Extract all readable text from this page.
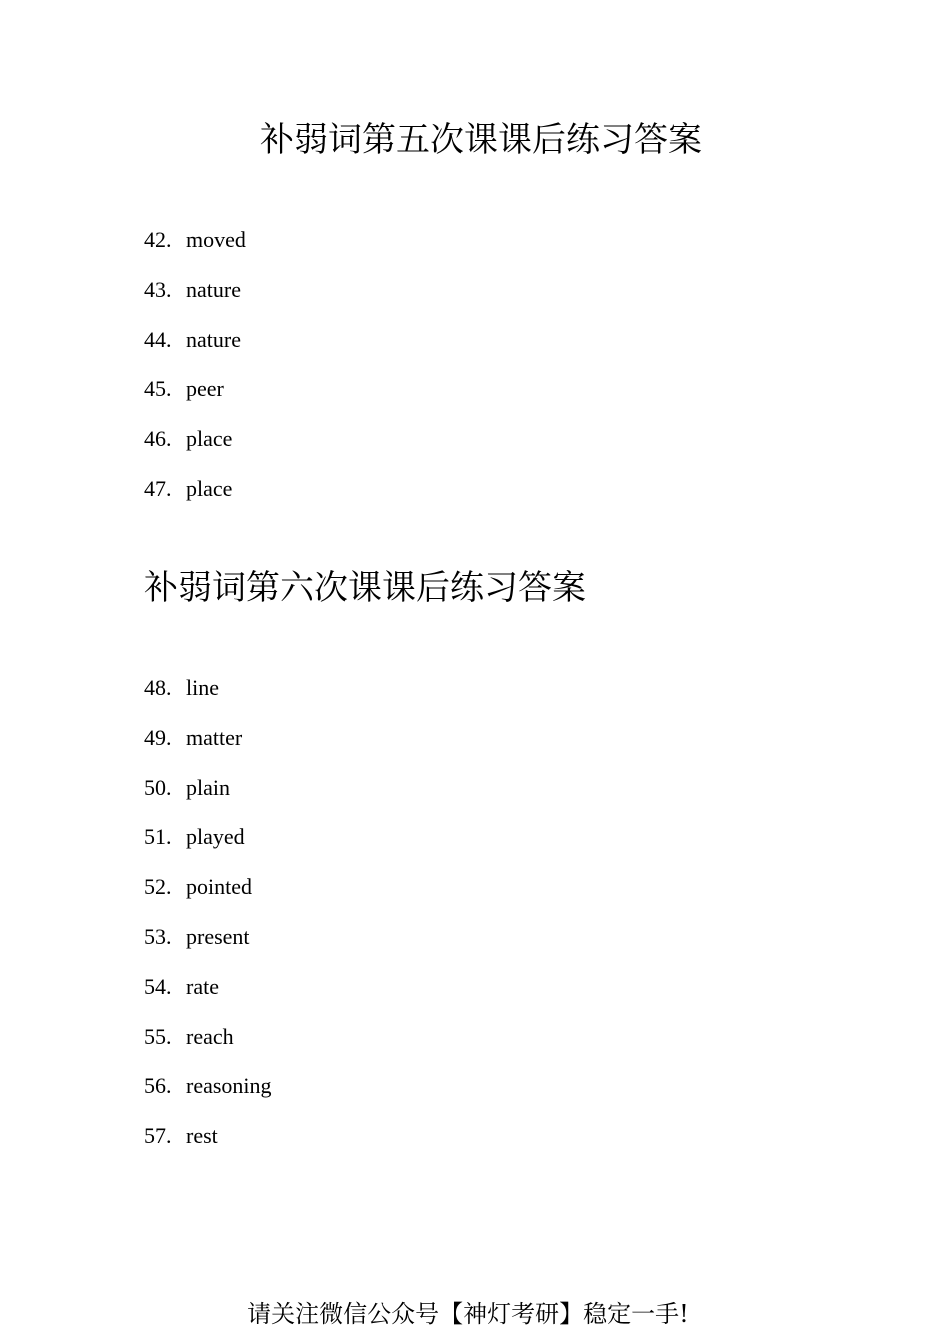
补弱词第五次课课后练习答案
42. moved
43. nature
44. nature
45. peer
46. place
47. place
补弱词第六次课课后练习答案
48. line
49. matter
50. plain
51. played
52. pointed
53. present
54. rate
55. reach
56. reasoning
57. rest
请关注微信公众号【神灯考研】稳定一手!
